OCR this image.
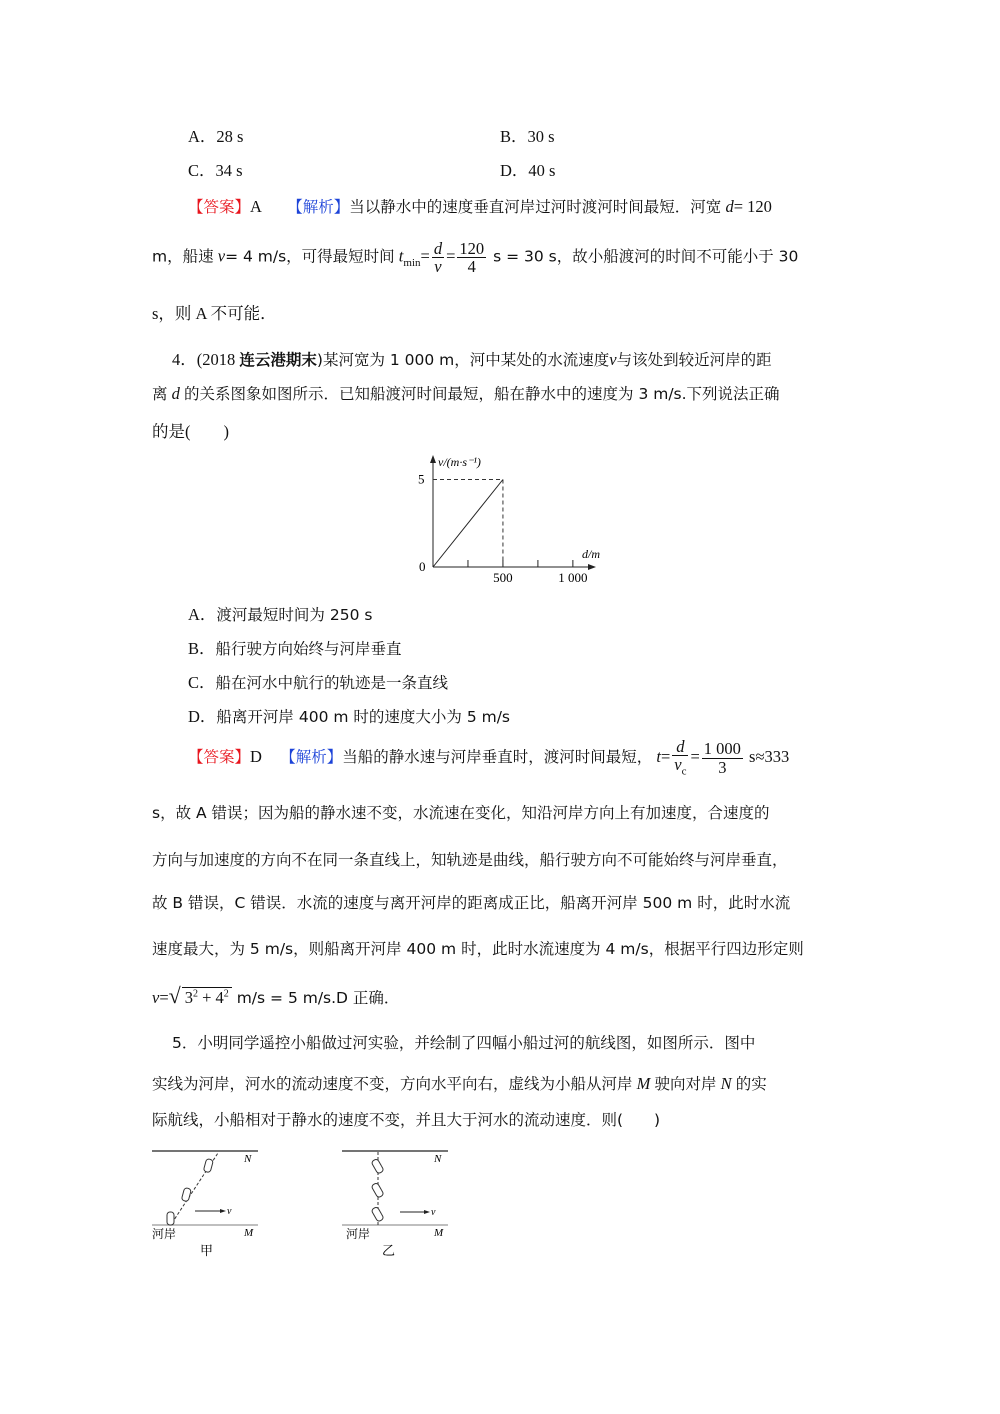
A．28 s	B．30 s
C．34 s	D．40 s
【答案】A 【解析】当以静水中的速度垂直河岸过河时渡河时间最短．河宽 d= 120
m，船速 v= 4 m/s，可得最短时间 $t_{min}= \frac{d}{v} = \frac{120}{4}$ s = 30 s，故小船渡河的时间不可能小于 30
s，则 A 不可能．
4．(2018 连云港期末)某河宽为 1 000 m，河中某处的水流速度v与该处到较近河岸的距
离 d 的关系图象如图所示．已知船渡河时间最短，船在静水中的速度为 3 m/s.下列说法正确
的是(　　)
v/(m·s⁻¹)
d/m
5
0
500	1 000
A．渡河最短时间为 250 s
B．船行驶方向始终与河岸垂直
C．船在河水中航行的轨迹是一条直线
D．船离开河岸 400 m 时的速度大小为 5 m/s
【答案】D 【解析】当船的静水速与河岸垂直时，渡河时间最短， $t= \frac{d}{v_c} = \frac{1 000}{3} s\approx 333$
s，故 A 错误；因为船的静水速不变，水流速在变化，知沿河岸方向上有加速度，合速度的
方向与加速度的方向不在同一条直线上，知轨迹是曲线，船行驶方向不可能始终与河岸垂直，
故 B 错误，C 错误．水流的速度与离开河岸的距离成正比，船离开河岸 500 m 时，此时水流
速度最大，为 5 m/s，则船离开河岸 400 m 时，此时水流速度为 4 m/s，根据平行四边形定则
v=√ $3^2 + 4^2$ m/s = 5 m/s.D 正确．
5．小明同学遥控小船做过河实验，并绘制了四幅小船过河的航线图，如图所示．图中
实线为河岸，河水的流动速度不变，方向水平向右，虚线为小船从河岸 M 驶向对岸 N 的实
际航线，小船相对于静水的速度不变，并且大于河水的流动速度．则(　　)
v
N
M
河岸
甲
v
N
M
河岸
乙
